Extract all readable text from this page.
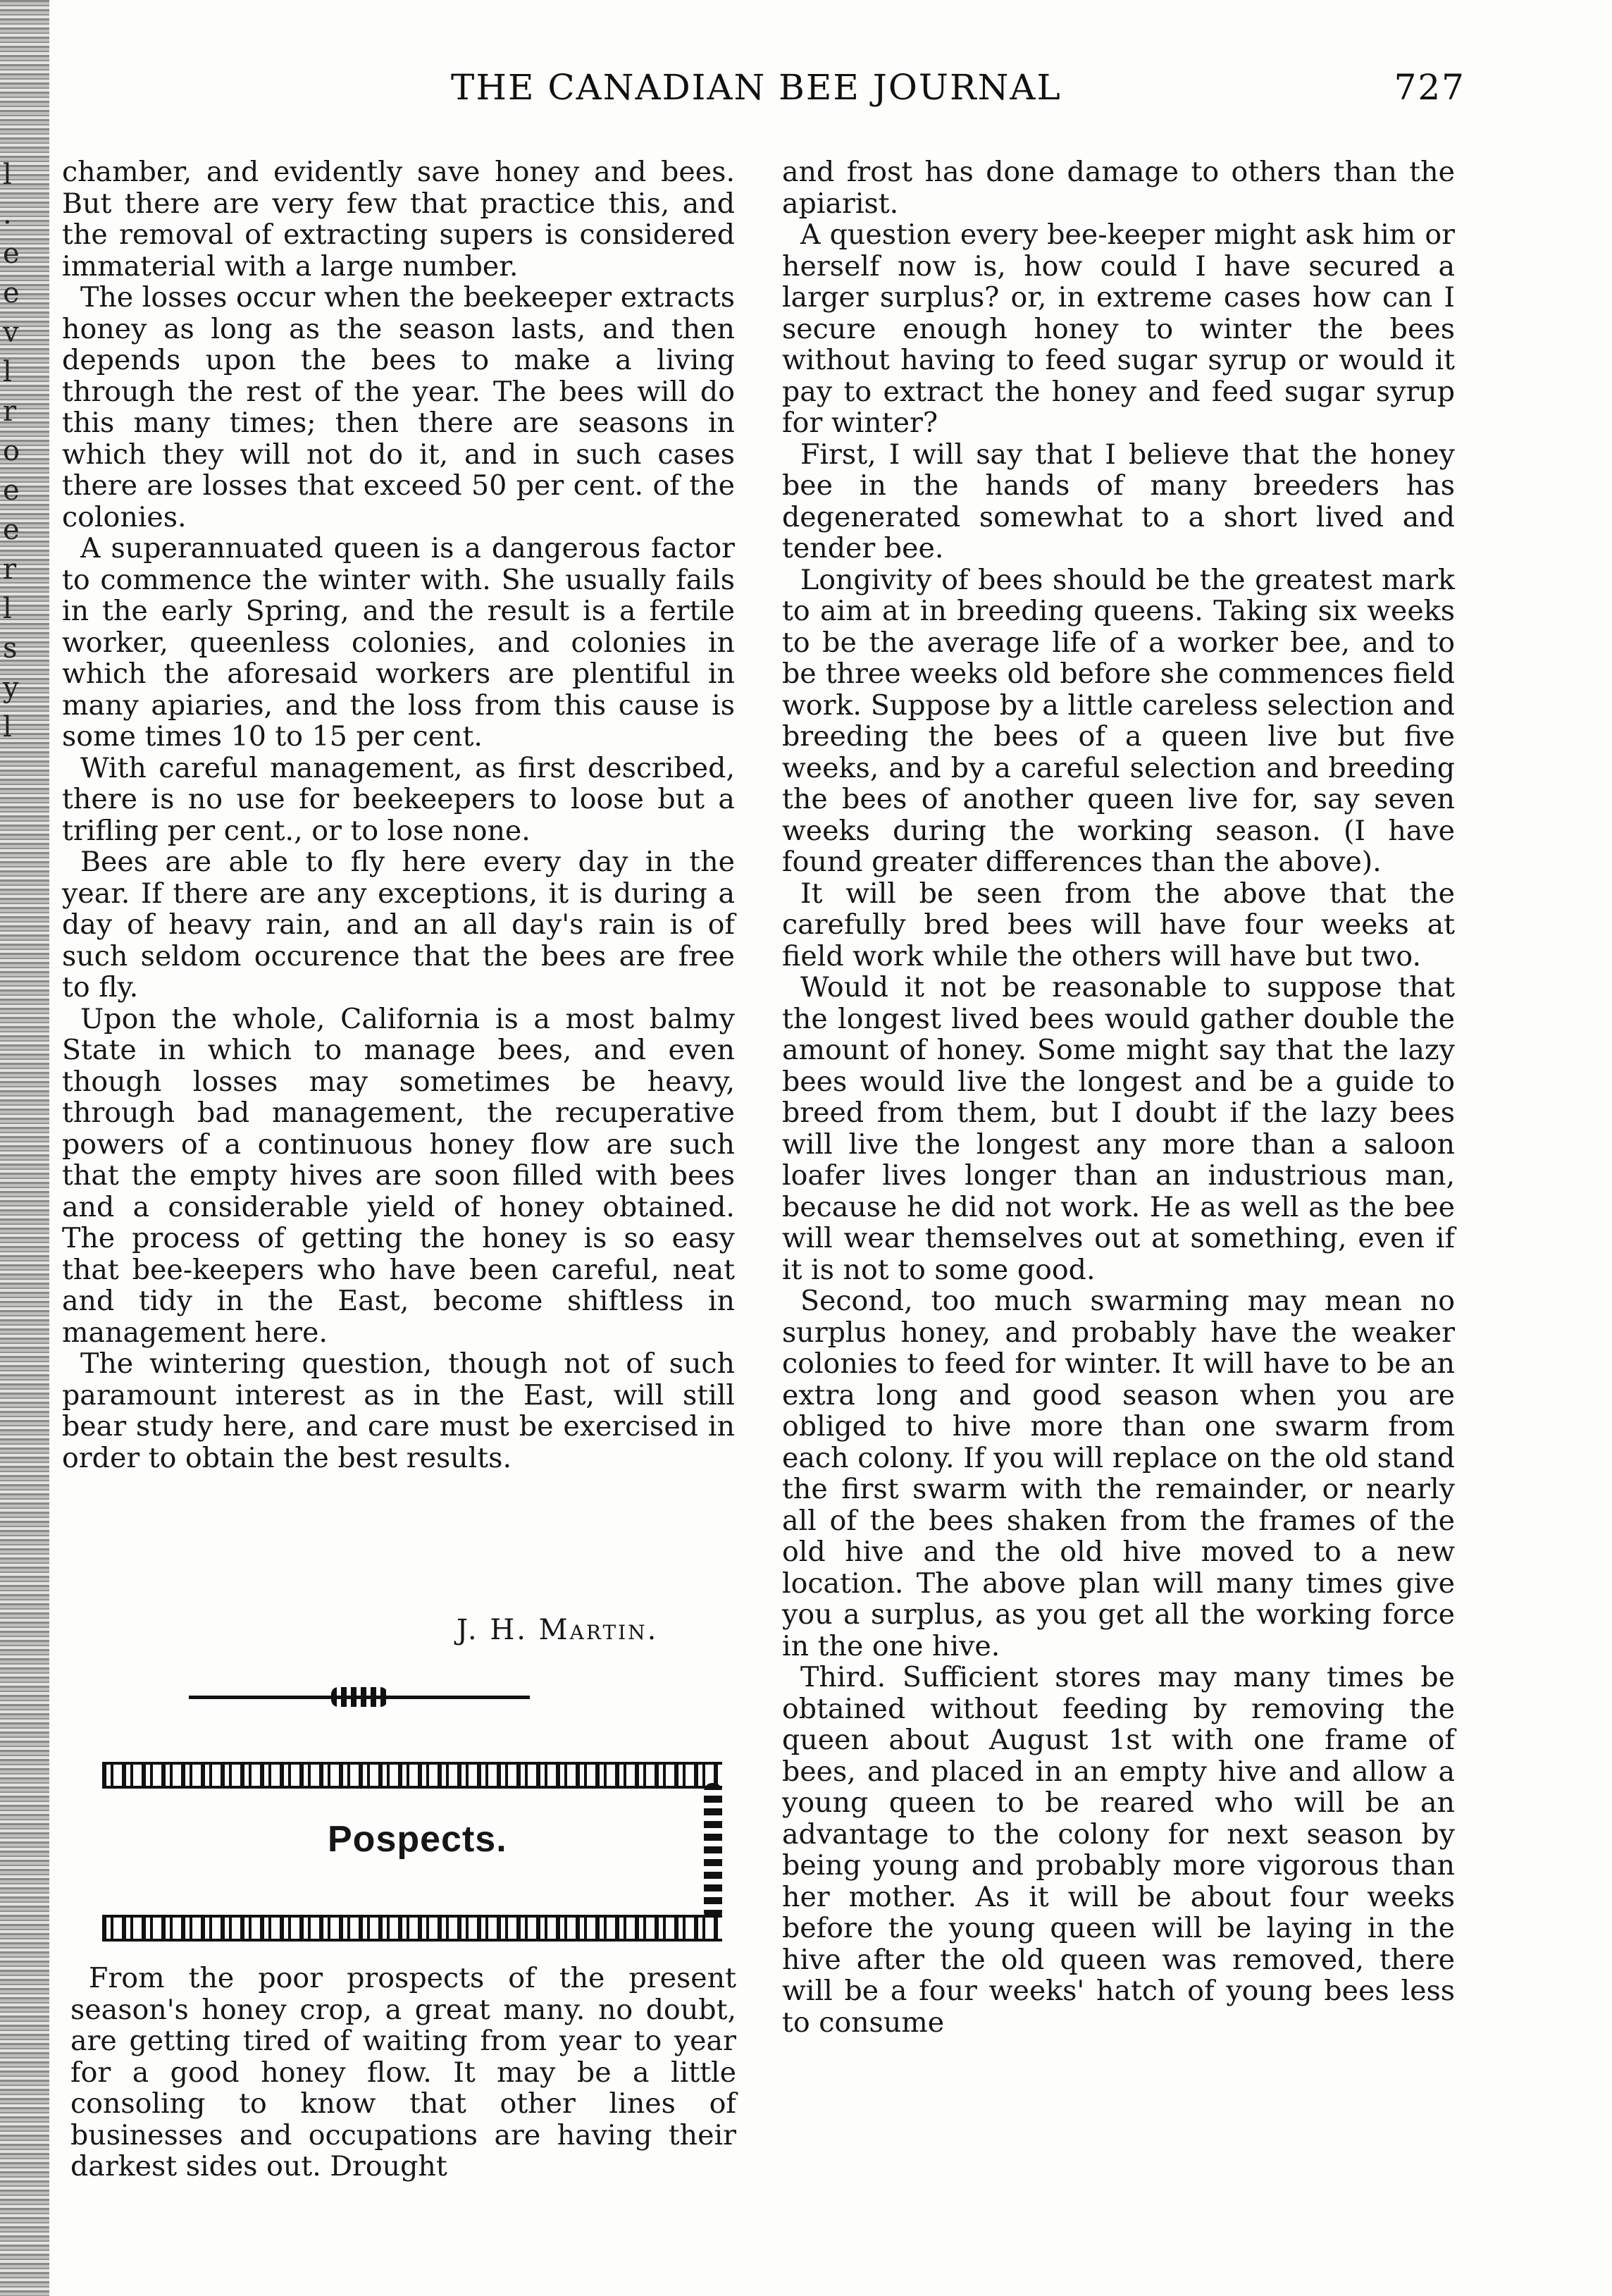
l
.
e
e
v
l
r
o
e
e
r
l
s
y
l
THE CANADIAN BEE JOURNAL	727

chamber, and evidently save honey and bees. But there are very few that practice this, and the removal of extracting supers is considered immaterial with a large number.

The losses occur when the beekeeper extracts honey as long as the season lasts, and then depends upon the bees to make a living through the rest of the year. The bees will do this many times; then there are seasons in which they will not do it, and in such cases there are losses that exceed 50 per cent. of the colonies.

A superannuated queen is a dangerous factor to commence the winter with. She usually fails in the early Spring, and the result is a fertile worker, queenless colonies, and colonies in which the aforesaid workers are plentiful in many apiaries, and the loss from this cause is some times 10 to 15 per cent.

With careful management, as first described, there is no use for beekeepers to loose but a trifling per cent., or to lose none.

Bees are able to fly here every day in the year. If there are any exceptions, it is during a day of heavy rain, and an all day's rain is of such seldom occurence that the bees are free to fly.

Upon the whole, California is a most balmy State in which to manage bees, and even though losses may sometimes be heavy, through bad management, the recuperative powers of a continuous honey flow are such that the empty hives are soon filled with bees and a considerable yield of honey obtained. The process of getting the honey is so easy that bee-keepers who have been careful, neat and tidy in the East, become shiftless in management here.

The wintering question, though not of such paramount interest as in the East, will still bear study here, and care must be exercised in order to obtain the best results.

J. H. Martin.
Pospects.

From the poor prospects of the present season's honey crop, a great many. no doubt, are getting tired of waiting from year to year for a good honey flow. It may be a little consoling to know that other lines of businesses and occupations are having their darkest sides out. Drought

and frost has done damage to others than the apiarist.

A question every bee-keeper might ask him or herself now is, how could I have secured a larger surplus? or, in extreme cases how can I secure enough honey to winter the bees without having to feed sugar syrup or would it pay to extract the honey and feed sugar syrup for winter?

First, I will say that I believe that the honey bee in the hands of many breeders has degenerated somewhat to a short lived and tender bee.

Longivity of bees should be the greatest mark to aim at in breeding queens. Taking six weeks to be the average life of a worker bee, and to be three weeks old before she commences field work. Suppose by a little careless selection and breeding the bees of a queen live but five weeks, and by a careful selection and breeding the bees of another queen live for, say seven weeks during the working season. (I have found greater differences than the above).

It will be seen from the above that the carefully bred bees will have four weeks at field work while the others will have but two.

Would it not be reasonable to suppose that the longest lived bees would gather double the amount of honey. Some might say that the lazy bees would live the longest and be a guide to breed from them, but I doubt if the lazy bees will live the longest any more than a saloon loafer lives longer than an industrious man, because he did not work. He as well as the bee will wear themselves out at something, even if it is not to some good.

Second, too much swarming may mean no surplus honey, and probably have the weaker colonies to feed for winter. It will have to be an extra long and good season when you are obliged to hive more than one swarm from each colony. If you will replace on the old stand the first swarm with the remainder, or nearly all of the bees shaken from the frames of the old hive and the old hive moved to a new location. The above plan will many times give you a surplus, as you get all the working force in the one hive.

Third. Sufficient stores may many times be obtained without feeding by removing the queen about August 1st with one frame of bees, and placed in an empty hive and allow a young queen to be reared who will be an advantage to the colony for next season by being young and probably more vigorous than her mother. As it will be about four weeks before the young queen will be laying in the hive after the old queen was removed, there will be a four weeks' hatch of young bees less to consume
